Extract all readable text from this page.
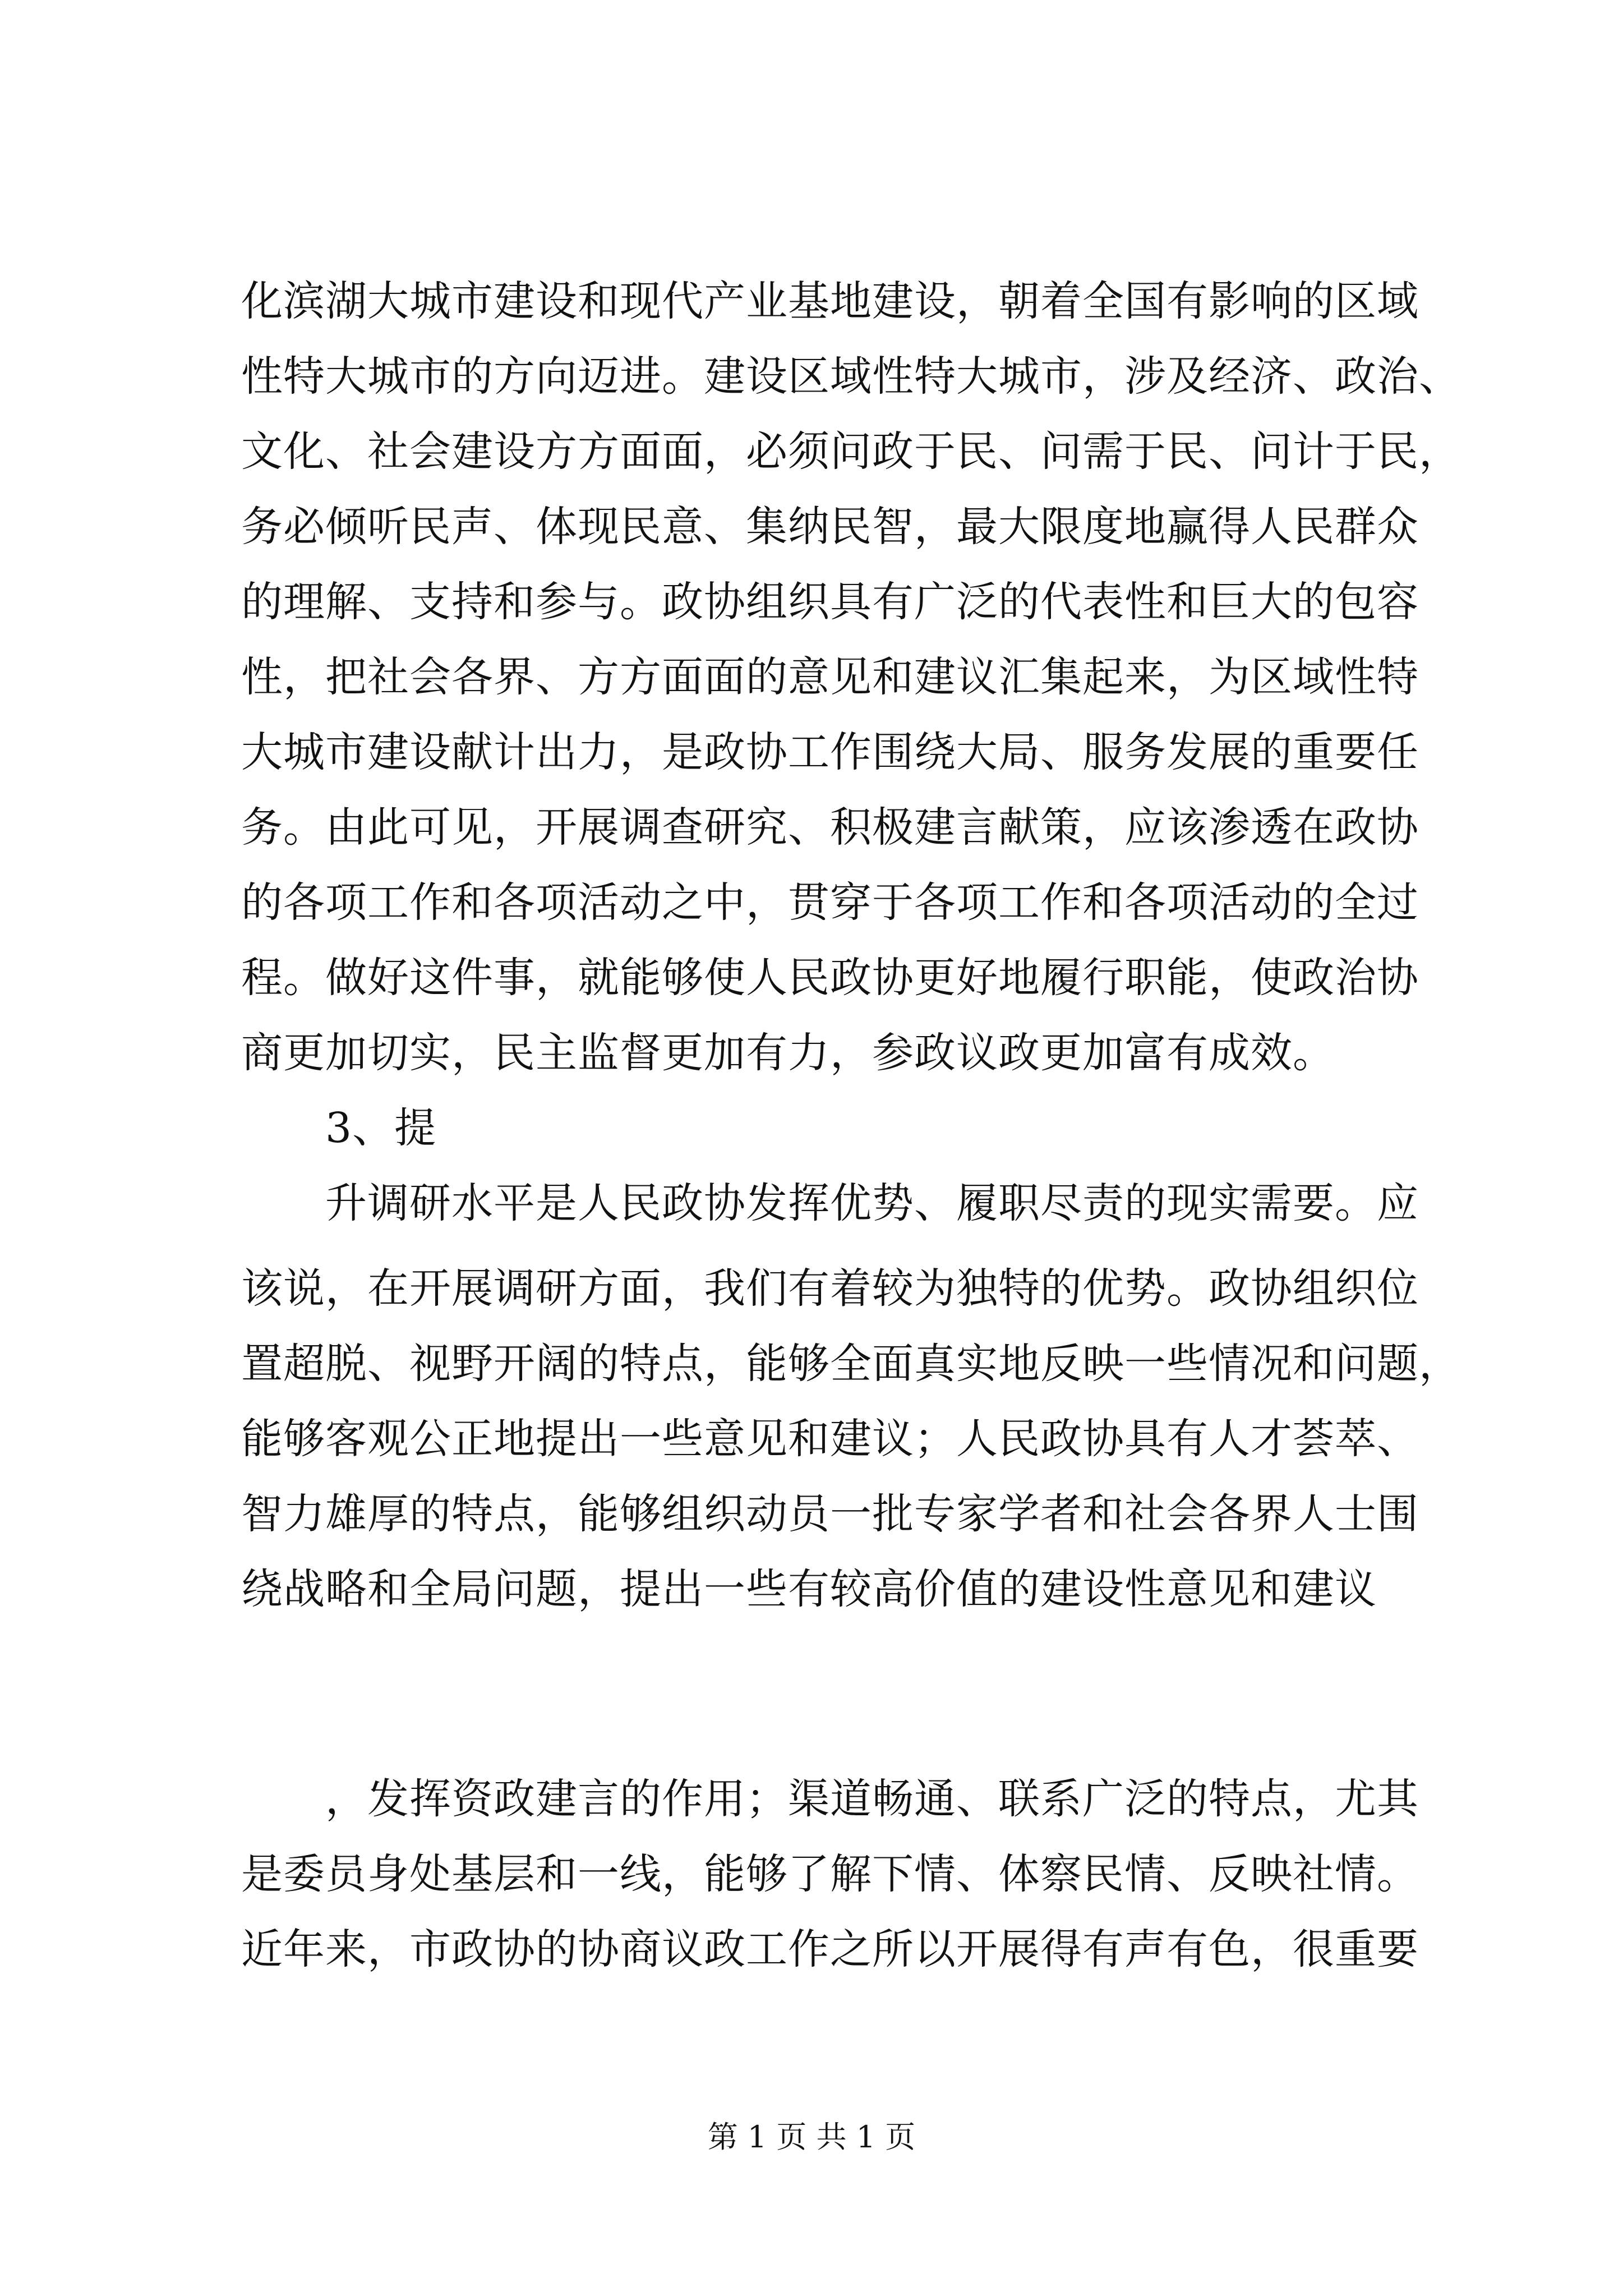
化滨湖大城市建设和现代产业基地建设，朝着全国有影响的区域
性特大城市的方向迈进。建设区域性特大城市，涉及经济、政治、
文化、社会建设方方面面，必须问政于民、问需于民、问计于民，
务必倾听民声、体现民意、集纳民智，最大限度地赢得人民群众
的理解、支持和参与。政协组织具有广泛的代表性和巨大的包容
性，把社会各界、方方面面的意见和建议汇集起来，为区域性特
大城市建设献计出力，是政协工作围绕大局、服务发展的重要任
务。由此可见，开展调查研究、积极建言献策，应该渗透在政协
的各项工作和各项活动之中，贯穿于各项工作和各项活动的全过
程。做好这件事，就能够使人民政协更好地履行职能，使政治协
商更加切实，民主监督更加有力，参政议政更加富有成效。
3、提
升调研水平是人民政协发挥优势、履职尽责的现实需要。应
该说，在开展调研方面，我们有着较为独特的优势。政协组织位
置超脱、视野开阔的特点，能够全面真实地反映一些情况和问题，
能够客观公正地提出一些意见和建议；人民政协具有人才荟萃、
智力雄厚的特点，能够组织动员一批专家学者和社会各界人士围
绕战略和全局问题，提出一些有较高价值的建设性意见和建议
，发挥资政建言的作用；渠道畅通、联系广泛的特点，尤其
是委员身处基层和一线，能够了解下情、体察民情、反映社情。
近年来，市政协的协商议政工作之所以开展得有声有色，很重要
第 1 页 共 1 页
